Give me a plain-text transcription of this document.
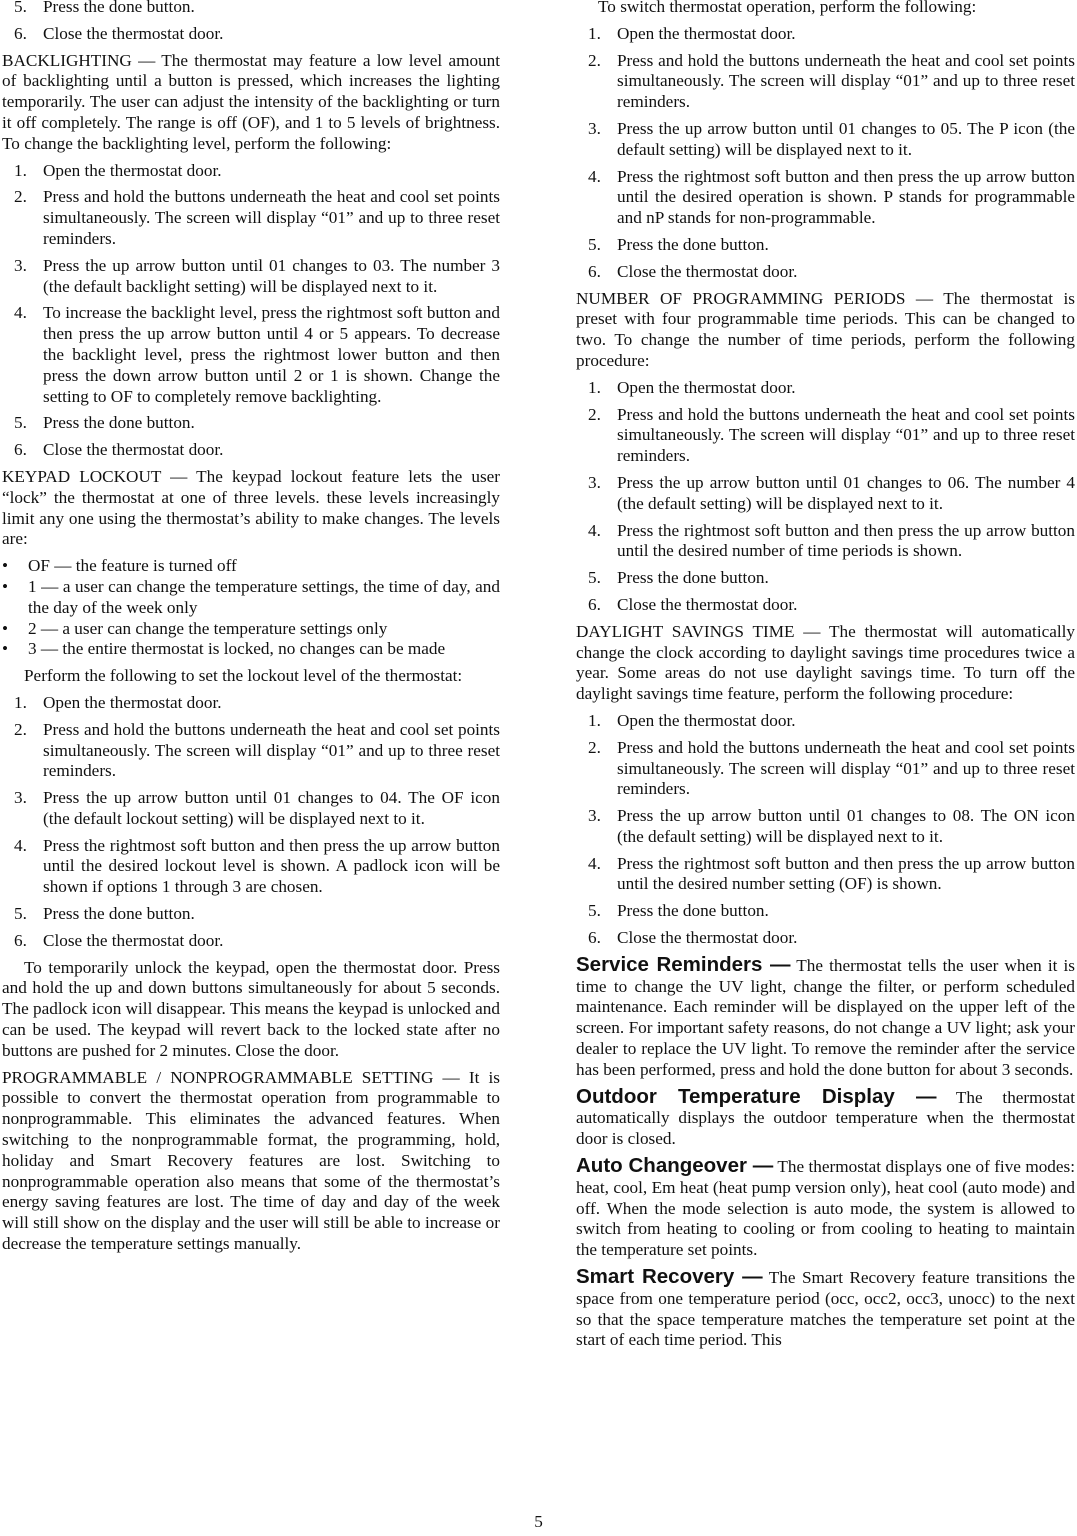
5. Press the done button.
6. Close the thermostat door.

BACKLIGHTING — The thermostat may feature a low level amount of backlighting until a button is pressed, which increases the lighting temporarily. The user can adjust the intensity of the backlighting or turn it off completely. The range is off (OF), and 1 to 5 levels of brightness. To change the backlighting level, perform the following:

1. Open the thermostat door.
2. Press and hold the buttons underneath the heat and cool set points simultaneously. The screen will display “01” and up to three reset reminders.
3. Press the up arrow button until 01 changes to 03. The number 3 (the default backlight setting) will be displayed next to it.
4. To increase the backlight level, press the rightmost soft button and then press the up arrow button until 4 or 5 appears. To decrease the backlight level, press the rightmost lower button and then press the down arrow button until 2 or 1 is shown. Change the setting to OF to completely remove backlighting.
5. Press the done button.
6. Close the thermostat door.

KEYPAD LOCKOUT — The keypad lockout feature lets the user “lock” the thermostat at one of three levels. these levels increasingly limit any one using the thermostat’s ability to make changes. The levels are:

• OF — the feature is turned off
• 1 — a user can change the temperature settings, the time of day, and the day of the week only
• 2 — a user can change the temperature settings only
• 3 — the entire thermostat is locked, no changes can be made

Perform the following to set the lockout level of the thermostat:

1. Open the thermostat door.
2. Press and hold the buttons underneath the heat and cool set points simultaneously. The screen will display “01” and up to three reset reminders.
3. Press the up arrow button until 01 changes to 04. The OF icon (the default lockout setting) will be displayed next to it.
4. Press the rightmost soft button and then press the up arrow button until the desired lockout level is shown. A padlock icon will be shown if options 1 through 3 are chosen.
5. Press the done button.
6. Close the thermostat door.

To temporarily unlock the keypad, open the thermostat door. Press and hold the up and down buttons simultaneously for about 5 seconds. The padlock icon will disappear. This means the keypad is unlocked and can be used. The keypad will revert back to the locked state after no buttons are pushed for 2 minutes. Close the door.

PROGRAMMABLE / NONPROGRAMMABLE SETTING — It is possible to convert the thermostat operation from programmable to nonprogrammable. This eliminates the advanced features. When switching to the nonprogrammable format, the programming, hold, holiday and Smart Recovery features are lost. Switching to nonprogrammable operation also means that some of the thermostat’s energy saving features are lost. The time of day and day of the week will still show on the display and the user will still be able to increase or decrease the temperature settings manually.

To switch thermostat operation, perform the following:

1. Open the thermostat door.
2. Press and hold the buttons underneath the heat and cool set points simultaneously. The screen will display “01” and up to three reset reminders.
3. Press the up arrow button until 01 changes to 05. The P icon (the default setting) will be displayed next to it.
4. Press the rightmost soft button and then press the up arrow button until the desired operation is shown. P stands for programmable and nP stands for non-programmable.
5. Press the done button.
6. Close the thermostat door.

NUMBER OF PROGRAMMING PERIODS — The thermostat is preset with four programmable time periods. This can be changed to two. To change the number of time periods, perform the following procedure:

1. Open the thermostat door.
2. Press and hold the buttons underneath the heat and cool set points simultaneously. The screen will display “01” and up to three reset reminders.
3. Press the up arrow button until 01 changes to 06. The number 4 (the default setting) will be displayed next to it.
4. Press the rightmost soft button and then press the up arrow button until the desired number of time periods is shown.
5. Press the done button.
6. Close the thermostat door.

DAYLIGHT SAVINGS TIME — The thermostat will automatically change the clock according to daylight savings time procedures twice a year. Some areas do not use daylight savings time. To turn off the daylight savings time feature, perform the following procedure:

1. Open the thermostat door.
2. Press and hold the buttons underneath the heat and cool set points simultaneously. The screen will display “01” and up to three reset reminders.
3. Press the up arrow button until 01 changes to 08. The ON icon (the default setting) will be displayed next to it.
4. Press the rightmost soft button and then press the up arrow button until the desired number setting (OF) is shown.
5. Press the done button.
6. Close the thermostat door.

Service Reminders — The thermostat tells the user when it is time to change the UV light, change the filter, or perform scheduled maintenance. Each reminder will be displayed on the upper left of the screen. For important safety reasons, do not change a UV light; ask your dealer to replace the UV light. To remove the reminder after the service has been performed, press and hold the done button for about 3 seconds.

Outdoor Temperature Display — The thermostat automatically displays the outdoor temperature when the thermostat door is closed.

Auto Changeover — The thermostat displays one of five modes: heat, cool, Em heat (heat pump version only), heat cool (auto mode) and off. When the mode selection is auto mode, the system is allowed to switch from heating to cooling or from cooling to heating to maintain the temperature set points.

Smart Recovery — The Smart Recovery feature transitions the space from one temperature period (occ, occ2, occ3, unocc) to the next so that the space temperature matches the temperature set point at the start of each time period. This

5
